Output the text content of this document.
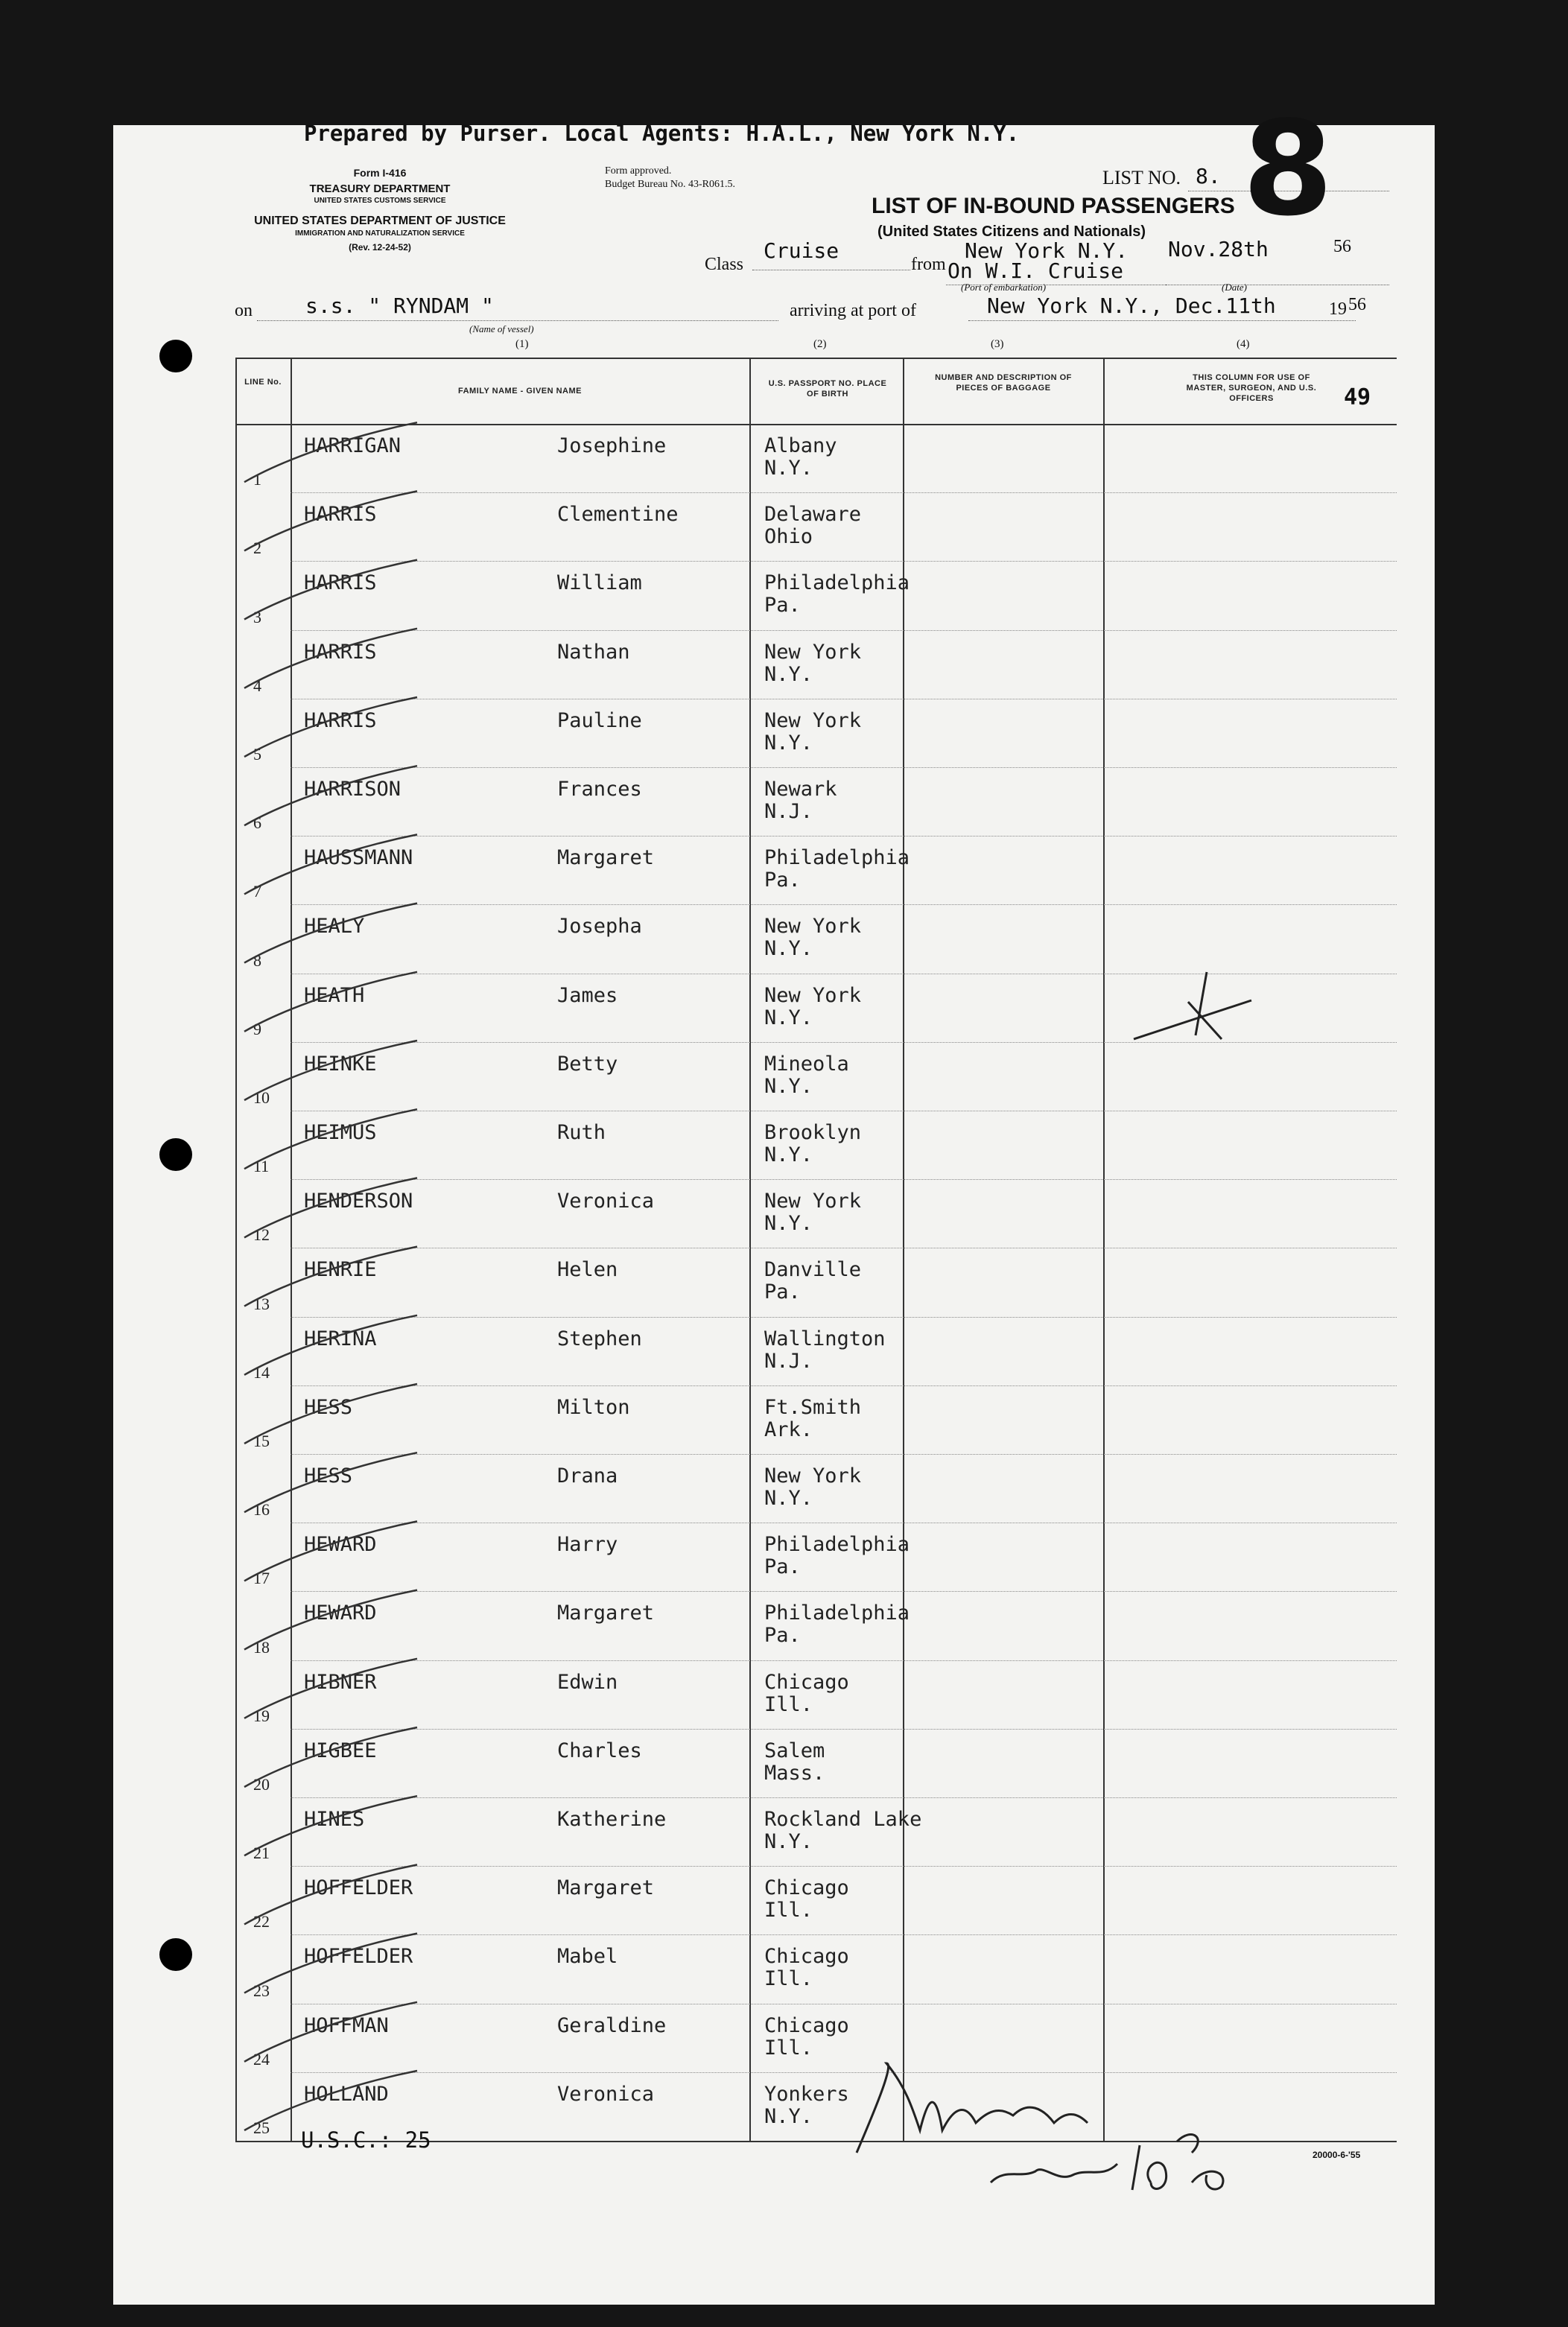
Prepared by Purser. Local Agents: H.A.L., New York N.Y.
Form I-416
TREASURY DEPARTMENT
UNITED STATES CUSTOMS SERVICE
UNITED STATES DEPARTMENT OF JUSTICE
IMMIGRATION AND NATURALIZATION SERVICE
(Rev. 12-24-52)
Form approved.
Budget Bureau No. 43-R061.5.	LIST NO. 8. 8
LIST OF IN-BOUND PASSENGERS
(United States Citizens and Nationals)
Class
Cruise
from
New York N.Y.
On W.I. Cruise
(Port of embarkation)
Nov.28th	56
(Date)
on	s.s. " RYNDAM "
(Name of vessel)
arriving at port of	New York N.Y., Dec.11th	19 56
(1)	(2)	(3)	(4)
LINE No.
FAMILY NAME - GIVEN NAME
U.S. PASSPORT NO. PLACE OF BIRTH
NUMBER AND DESCRIPTION OF PIECES OF BAGGAGE
THIS COLUMN FOR USE OF MASTER, SURGEON, AND U.S. OFFICERS	49
1
HARRIGAN	Josephine	Albany
N.Y.
2
HARRIS	Clementine	Delaware
Ohio
3
HARRIS	William	Philadelphia
Pa.
4
HARRIS	Nathan	New York
N.Y.
5
HARRIS	Pauline	New York
N.Y.
6
HARRISON	Frances	Newark
N.J.
7
HAUSSMANN	Margaret	Philadelphia
Pa.
8
HEALY	Josepha	New York
N.Y.
9
HEATH	James	New York
N.Y.
10
HEINKE	Betty	Mineola
N.Y.
11
HEIMUS	Ruth	Brooklyn
N.Y.
12
HENDERSON	Veronica	New York
N.Y.
13
HENRIE	Helen	Danville
Pa.
14
HERINA	Stephen	Wallington
N.J.
15
HESS	Milton	Ft.Smith
Ark.
16
HESS	Drana	New York
N.Y.
17
HEWARD	Harry	Philadelphia
Pa.
18
HEWARD	Margaret	Philadelphia
Pa.
19
HIBNER	Edwin	Chicago
Ill.
20
HIGBEE	Charles	Salem
Mass.
21
HINES	Katherine	Rockland Lake
N.Y.
22
HOFFELDER	Margaret	Chicago
Ill.
23
HOFFELDER	Mabel	Chicago
Ill.
24
HOFFMAN	Geraldine	Chicago
Ill.
25
HOLLAND	Veronica	Yonkers
N.Y.
U.S.C.: 25
20000-6-'55
